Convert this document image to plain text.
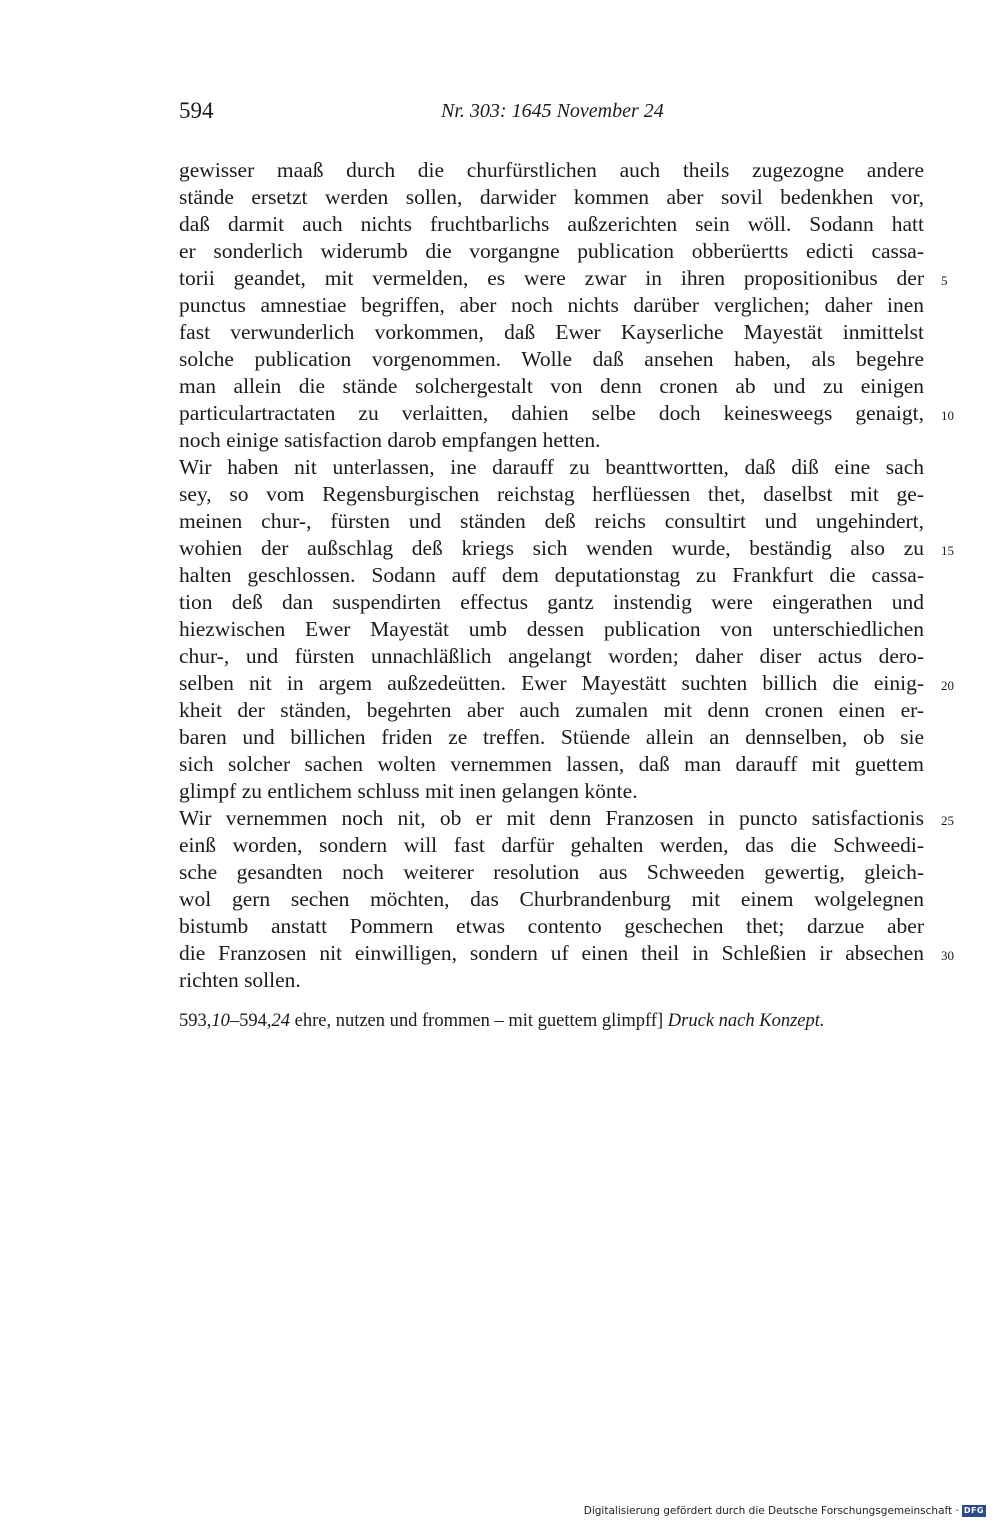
594	Nr. 303: 1645 November 24
gewisser maaß durch die churfürstlichen auch theils zugezogne andere
stände ersetzt werden sollen, darwider kommen aber sovil bedenkhen vor,
daß darmit auch nichts fruchtbarlichs außzerichten sein wöll. Sodann hatt
er sonderlich widerumb die vorgangne publication obberüertts edicti cassa-
torii geandet, mit vermelden, es were zwar in ihren propositionibus der 5
punctus amnestiae begriffen, aber noch nichts darüber verglichen; daher inen
fast verwunderlich vorkommen, daß Ewer Kayserliche Mayestät inmittelst
solche publication vorgenommen. Wolle daß ansehen haben, als begehre
man allein die stände solchergestalt von denn cronen ab und zu einigen
particulartractaten zu verlaitten, dahien selbe doch keinesweegs genaigt, 10
noch einige satisfaction darob empfangen hetten.
Wir haben nit unterlassen, ine darauff zu beanttwortten, daß diß eine sach
sey, so vom Regensburgischen reichstag herflüessen thet, daselbst mit ge-
meinen chur-, fürsten und ständen deß reichs consultirt und ungehindert,
wohien der außschlag deß kriegs sich wenden wurde, beständig also zu 15
halten geschlossen. Sodann auff dem deputationstag zu Frankfurt die cassa-
tion deß dan suspendirten effectus gantz instendig were eingerathen und
hiezwischen Ewer Mayestät umb dessen publication von unterschiedlichen
chur-, und fürsten unnachläßlich angelangt worden; daher diser actus dero-
selben nit in argem außzedeütten. Ewer Mayestätt suchten billich die einig- 20
kheit der ständen, begehrten aber auch zumalen mit denn cronen einen er-
baren und billichen friden ze treffen. Stüende allein an dennselben, ob sie
sich solcher sachen wolten vernemmen lassen, daß man darauff mit guettem
glimpf zu entlichem schluss mit inen gelangen könte.
Wir vernemmen noch nit, ob er mit denn Franzosen in puncto satisfactionis 25
einß worden, sondern will fast darfür gehalten werden, das die Schweedi-
sche gesandten noch weiterer resolution aus Schweeden gewertig, gleich-
wol gern sechen möchten, das Churbrandenburg mit einem wolgelegnen
bistumb anstatt Pommern etwas contento geschechen thet; darzue aber
die Franzosen nit einwilligen, sondern uf einen theil in Schleßien ir absechen 30
richten sollen.
593,10–594,24 ehre, nutzen und frommen – mit guettem glimpff] Druck nach Konzept.
Digitalisierung gefördert durch die Deutsche Forschungsgemeinschaft · DFG
